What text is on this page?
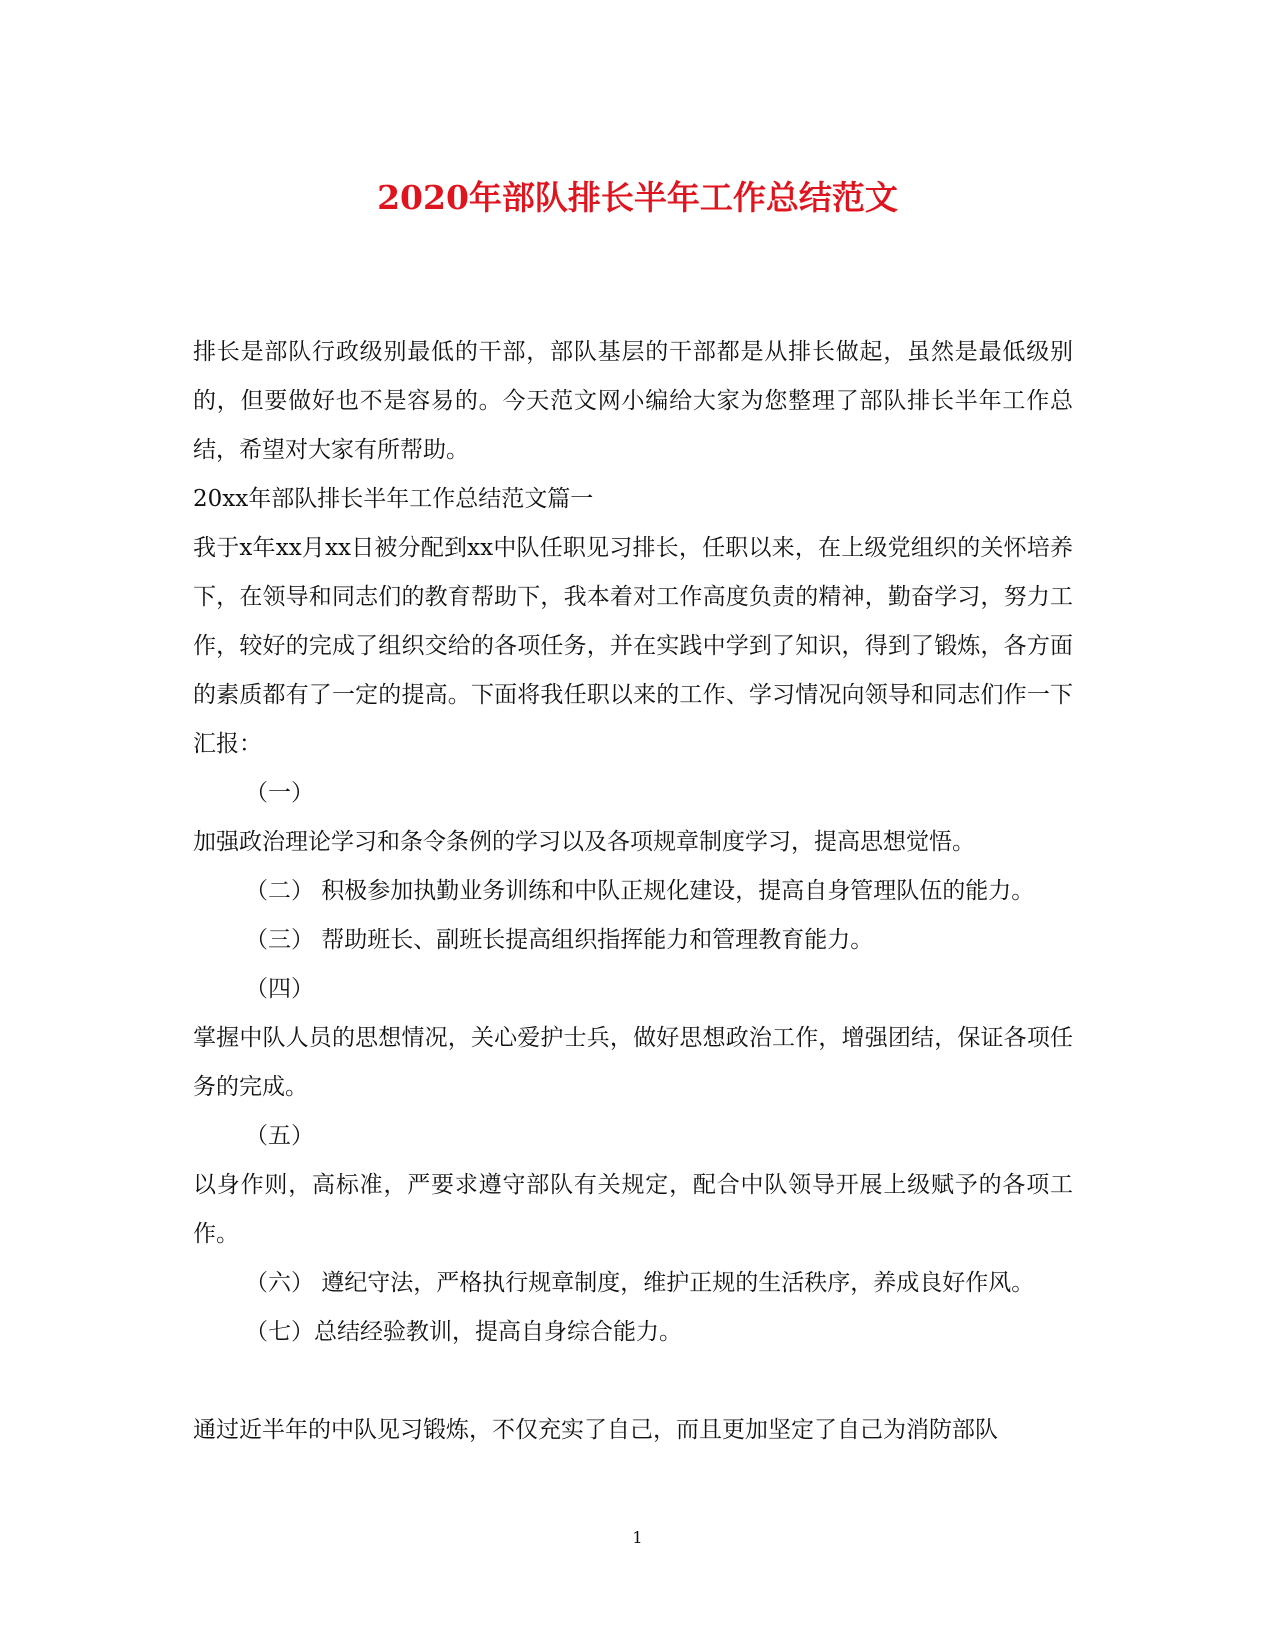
2020年部队排长半年工作总结范文

排长是部队行政级别最低的干部，部队基层的干部都是从排长做起，虽然是最低级别的，但要做好也不是容易的。今天范文网小编给大家为您整理了部队排长半年工作总结，希望对大家有所帮助。

20xx年部队排长半年工作总结范文篇一

我于x年xx月xx日被分配到xx中队任职见习排长，任职以来，在上级党组织的关怀培养下，在领导和同志们的教育帮助下，我本着对工作高度负责的精神，勤奋学习，努力工作，较好的完成了组织交给的各项任务，并在实践中学到了知识，得到了锻炼，各方面的素质都有了一定的提高。下面将我任职以来的工作、学习情况向领导和同志们作一下汇报：

（一）

加强政治理论学习和条令条例的学习以及各项规章制度学习，提高思想觉悟。

（二） 积极参加执勤业务训练和中队正规化建设，提高自身管理队伍的能力。

（三） 帮助班长、副班长提高组织指挥能力和管理教育能力。

（四）

掌握中队人员的思想情况，关心爱护士兵，做好思想政治工作，增强团结，保证各项任务的完成。

（五）

以身作则，高标准，严要求遵守部队有关规定，配合中队领导开展上级赋予的各项工作。

（六） 遵纪守法，严格执行规章制度，维护正规的生活秩序，养成良好作风。

（七）总结经验教训，提高自身综合能力。

通过近半年的中队见习锻炼，不仅充实了自己，而且更加坚定了自己为消防部队

1
